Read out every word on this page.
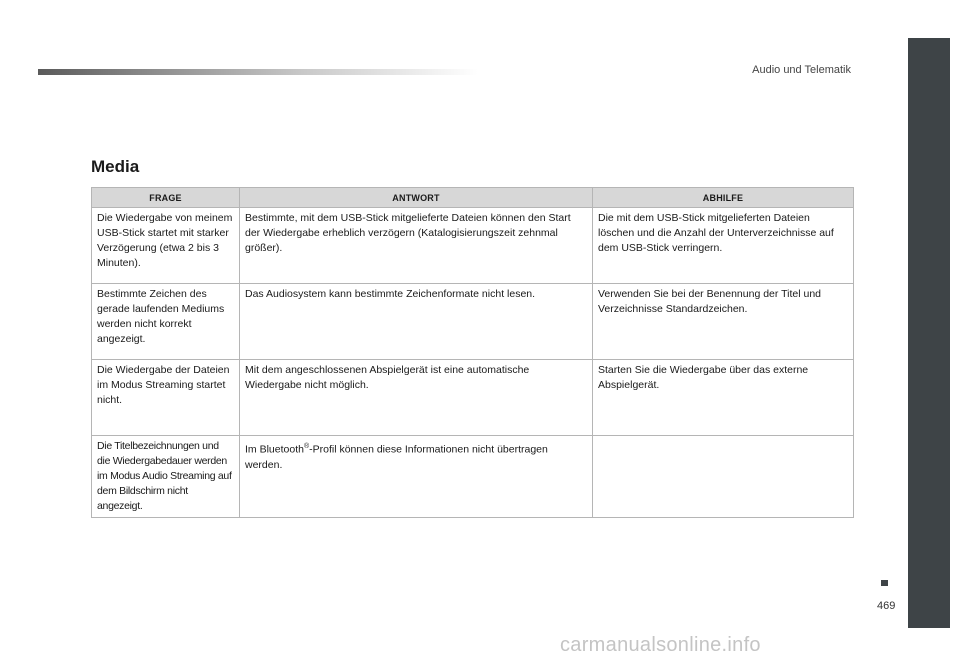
Audio und Telematik
469
Media
FRAGE	ANTWORT	ABHILFE
Die Wiedergabe von meinem USB-Stick startet mit starker Verzögerung (etwa 2 bis 3 Minuten).	Bestimmte, mit dem USB-Stick mitgelieferte Dateien können den Start der Wiedergabe erheblich verzögern (Katalogisierungszeit zehnmal größer).	Die mit dem USB-Stick mitgelieferten Dateien löschen und die Anzahl der Unterverzeichnisse auf dem USB-Stick verringern.
Bestimmte Zeichen des gerade laufenden Mediums werden nicht korrekt angezeigt.	Das Audiosystem kann bestimmte Zeichenformate nicht lesen.	Verwenden Sie bei der Benennung der Titel und Verzeichnisse Standardzeichen.
Die Wiedergabe der Dateien im Modus Streaming startet nicht.	Mit dem angeschlossenen Abspielgerät ist eine automatische Wiedergabe nicht möglich.	Starten Sie die Wiedergabe über das externe Abspielgerät.
Die Titelbezeichnungen und die Wiedergabedauer werden im Modus Audio Streaming auf dem Bildschirm nicht angezeigt.	Im Bluetooth®-Profil können diese Informationen nicht übertragen werden.	
carmanualsonline.info
